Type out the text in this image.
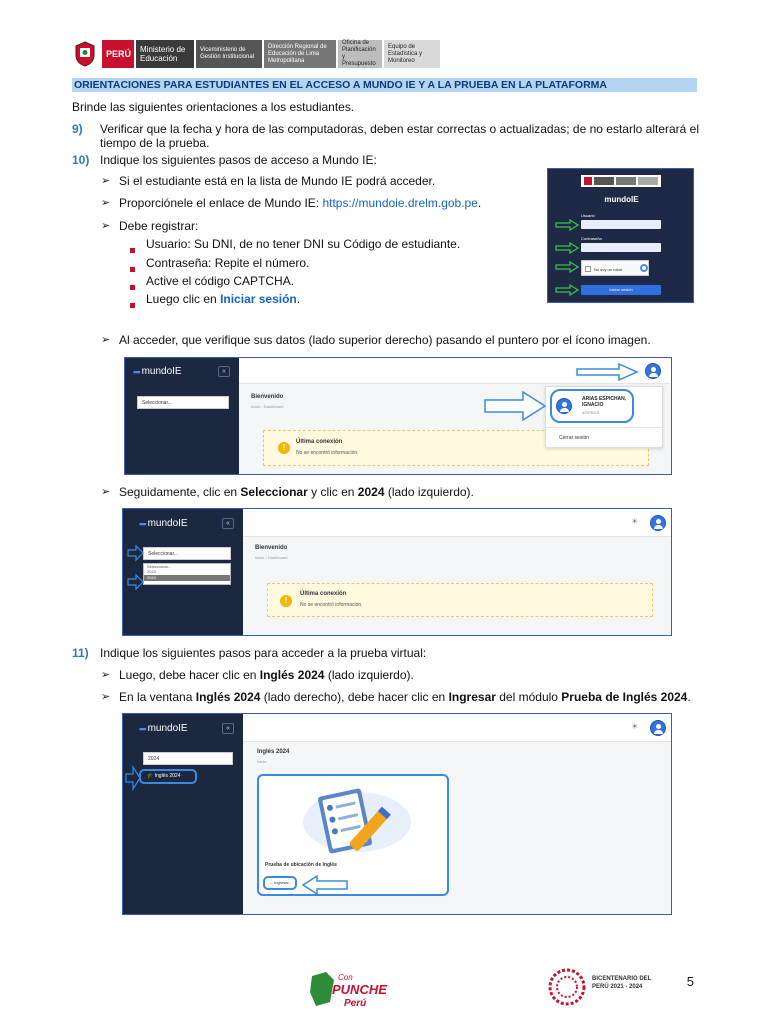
PERÚ	Ministerio de Educación
Viceministerio de Gestión Institucional
Dirección Regional de Educación de Lima Metropolitana
Oficina de Planificación y Presupuesto
Equipo de Estadística y Monitoreo
ORIENTACIONES PARA ESTUDIANTES EN EL ACCESO A MUNDO IE Y A LA PRUEBA EN LA PLATAFORMA
Brinde las siguientes orientaciones a los estudiantes.
9) Verificar que la fecha y hora de las computadoras, deben estar correctas o actualizadas; de no estarlo alterará el
tiempo de la prueba.
10) Indique los siguientes pasos de acceso a Mundo IE:
➢ Si el estudiante está en la lista de Mundo IE podrá acceder.
➢ Proporciónele el enlace de Mundo IE: https://mundoie.drelm.gob.pe.
➢ Debe registrar:
Usuario: Su DNI, de no tener DNI su Código de estudiante.
Contraseña: Repite el número.
Active el código CAPTCHA.
Luego clic en Iniciar sesión.
mundoIE
Usuario
Contraseña
No soy un robot
Iniciar sesión
➢ Al acceder, que verifique sus datos (lado superior derecho) pasando el puntero por el ícono imagen.
▪▪▪ mundoIE	«
Seleccionar...
Bienvenido
Inicio › Dashboard
!
Última conexión
No se encontró información.
ARIAS ESPICHAN, IGNACIO
42976201
Cerrar sesión
➢ Seguidamente, clic en Seleccionar y clic en 2024 (lado izquierdo).
▪▪▪ mundoIE	«
Seleccionar...
Seleccionar...
2023
2024
☀
Bienvenido
Inicio › Dashboard
!
Última conexión
No se encontró información.
11) Indique los siguientes pasos para acceder a la prueba virtual:
➢ Luego, debe hacer clic en Inglés 2024 (lado izquierdo).
➢ En la ventana Inglés 2024 (lado derecho), debe hacer clic en Ingresar del módulo Prueba de Inglés 2024.
▪▪▪ mundoIE	«
2024
🎓 Inglés 2024
☀
Inglés 2024
Inicio
Prueba de ubicación de Inglés
→ Ingresar
Con
PUNCHE
Perú
BICENTENARIO DEL PERÚ 2021 - 2024	5
